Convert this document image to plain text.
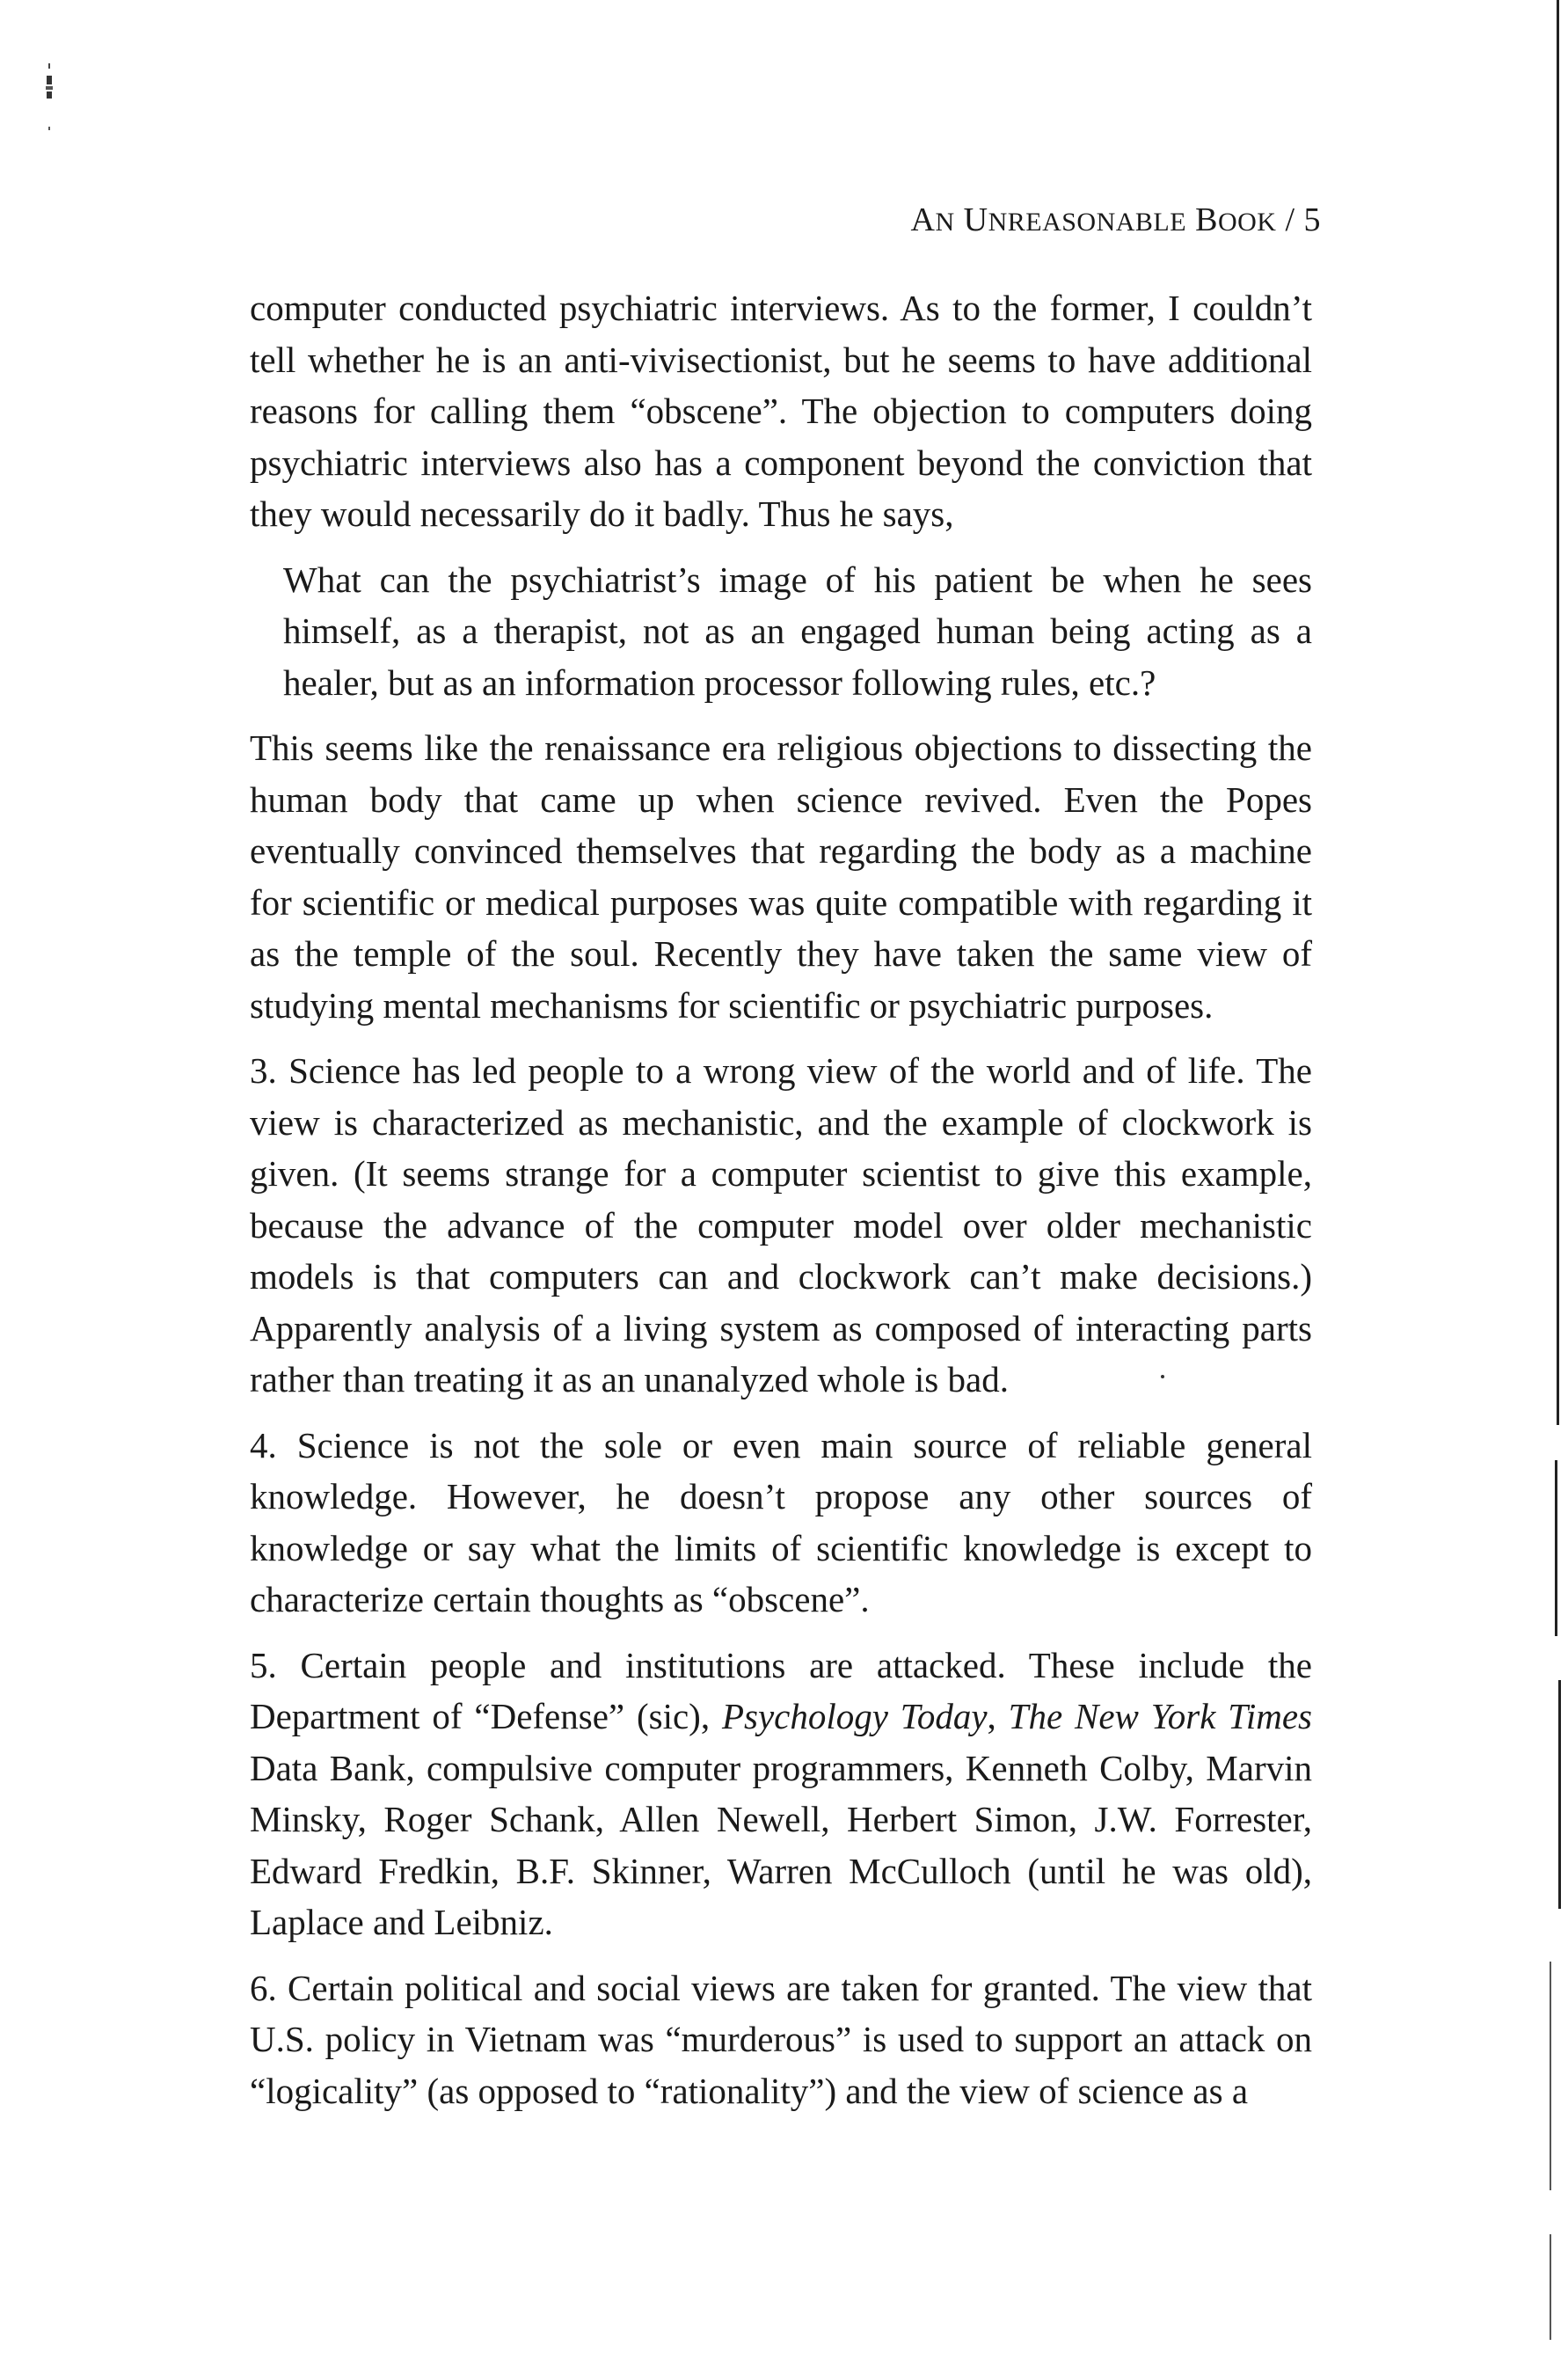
AN UNREASONABLE BOOK / 5

computer conducted psychiatric interviews. As to the former, I couldn’t tell whether he is an anti-vivisectionist, but he seems to have additional reasons for calling them “obscene”. The objection to computers doing psychiatric interviews also has a component beyond the conviction that they would necessarily do it badly. Thus he says,

What can the psychiatrist’s image of his patient be when he sees himself, as a therapist, not as an engaged human being acting as a healer, but as an information processor following rules, etc.?

This seems like the renaissance era religious objections to dissecting the human body that came up when science revived. Even the Popes eventually convinced themselves that regarding the body as a machine for scientific or medical purposes was quite compatible with regarding it as the temple of the soul. Recently they have taken the same view of studying mental mechanisms for scientific or psychiatric purposes.

3. Science has led people to a wrong view of the world and of life. The view is characterized as mechanistic, and the example of clockwork is given. (It seems strange for a computer scientist to give this example, because the advance of the computer model over older mechanistic models is that computers can and clockwork can’t make decisions.) Apparently analysis of a living system as composed of interacting parts rather than treating it as an unanalyzed whole is bad.

4. Science is not the sole or even main source of reliable general knowledge. However, he doesn’t propose any other sources of knowledge or say what the limits of scientific knowledge is except to characterize certain thoughts as “obscene”.

5. Certain people and institutions are attacked. These include the Department of “Defense” (sic), Psychology Today, The New York Times Data Bank, compulsive computer programmers, Kenneth Colby, Marvin Minsky, Roger Schank, Allen Newell, Herbert Simon, J.W. Forrester, Edward Fredkin, B.F. Skinner, Warren McCulloch (until he was old), Laplace and Leibniz.

6. Certain political and social views are taken for granted. The view that U.S. policy in Vietnam was “murderous” is used to support an attack on “logicality” (as opposed to “rationality”) and the view of science as a
